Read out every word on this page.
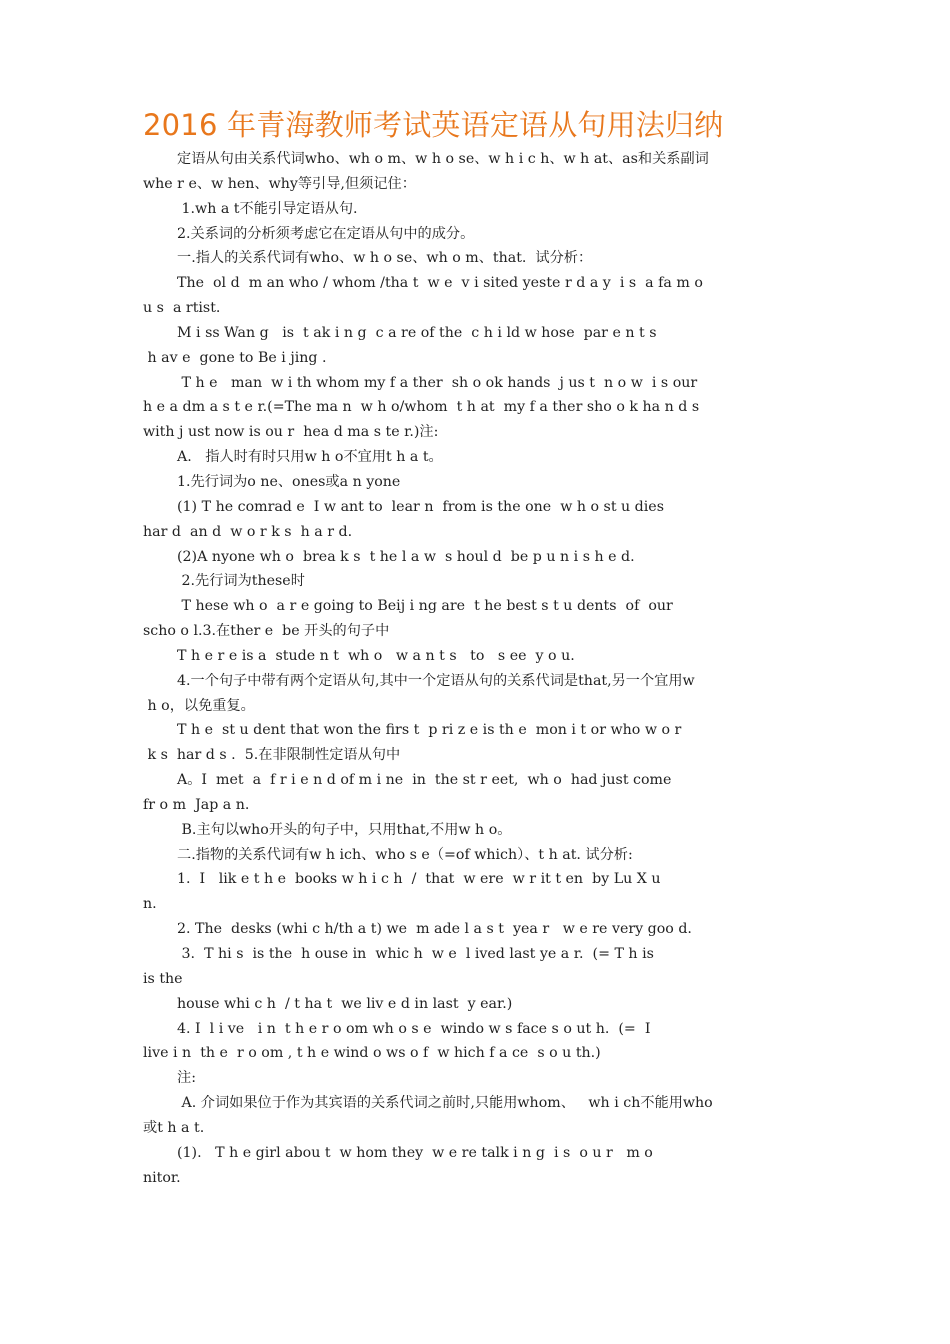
2016 年青海教师考试英语定语从句用法归纳
定语从句由关系代词who、wh o m、w h o se、w h i c h、w h at、as和关系副词
whe r e、w hen、why等引导,但须记住：
1.wh a t不能引导定语从句.
2.关系词的分析须考虑它在定语从句中的成分。
一.指人的关系代词有who、w h o se、wh o m、that.  试分析：
The  ol d  m an who / whom /tha t  w e  v i sited yeste r d a y  i s  a fa m o
u s  a rtist.
M i ss Wan g   is  t ak i n g  c a re of the  c h i ld w hose  par e n t s
h av e  gone to Be i jing .
T h e   man  w i th whom my f a ther  sh o ok hands  j us t  n o w  i s our
h e a dm a s t e r.(=The ma n  w h o/whom  t h at  my f a ther sho o k ha n d s
with j ust now is ou r  hea d ma s te r.)注:
A.   指人时有时只用w h o不宜用t h a t。
1.先行词为o ne、ones或a n yone
(1) T he comrad e  I w ant to  lear n  from is the one  w h o st u dies
har d  an d  w o r k s  h a r d.
(2)A nyone wh o  brea k s  t he l a w  s houl d  be p u n i s h e d.
2.先行词为these时
T hese wh o  a r e going to Beij i ng are  t he best s t u dents  of  our
scho o l.3.在ther e  be 开头的句子中
T h e r e is a  stude n t  wh o   w a n t s   to   s ee  y o u.
4.一个句子中带有两个定语从句,其中一个定语从句的关系代词是that,另一个宜用w
h o，以免重复。
T h e  st u dent that won the firs t  p ri z e is th e  mon i t or who w o r
k s  har d s .  5.在非限制性定语从句中
A。I  met  a  f r i e n d of m i ne  in  the st r eet,  wh o  had just come
fr o m  Jap a n.
B.主句以who开头的句子中，只用that,不用w h o。
二.指物的关系代词有w h ich、who s e（=of which）、t h at. 试分析:
1.  I   lik e t h e  books w h i c h  /  that  w ere  w r it t en  by Lu X u
n.
2. The  desks (whi c h/th a t) we  m ade l a s t  yea r   w e re very goo d.
3.  T hi s  is the  h ouse in  whic h  w e  l ived last ye a r.  (= T h is
is the
house whi c h  / t ha t  we liv e d in last  y ear.)
4. I  l i ve   i n  t h e r o om wh o s e  windo w s face s o ut h.  (=  I
live i n  th e  r o om , t h e wind o ws o f  w hich f a ce  s o u th.)
注:
A. 介词如果位于作为其宾语的关系代词之前时,只能用whom、   wh i ch不能用who
或t h a t.
(1).   T h e girl abou t  w hom they  w e re talk i n g  i s  o u r   m o
nitor.
